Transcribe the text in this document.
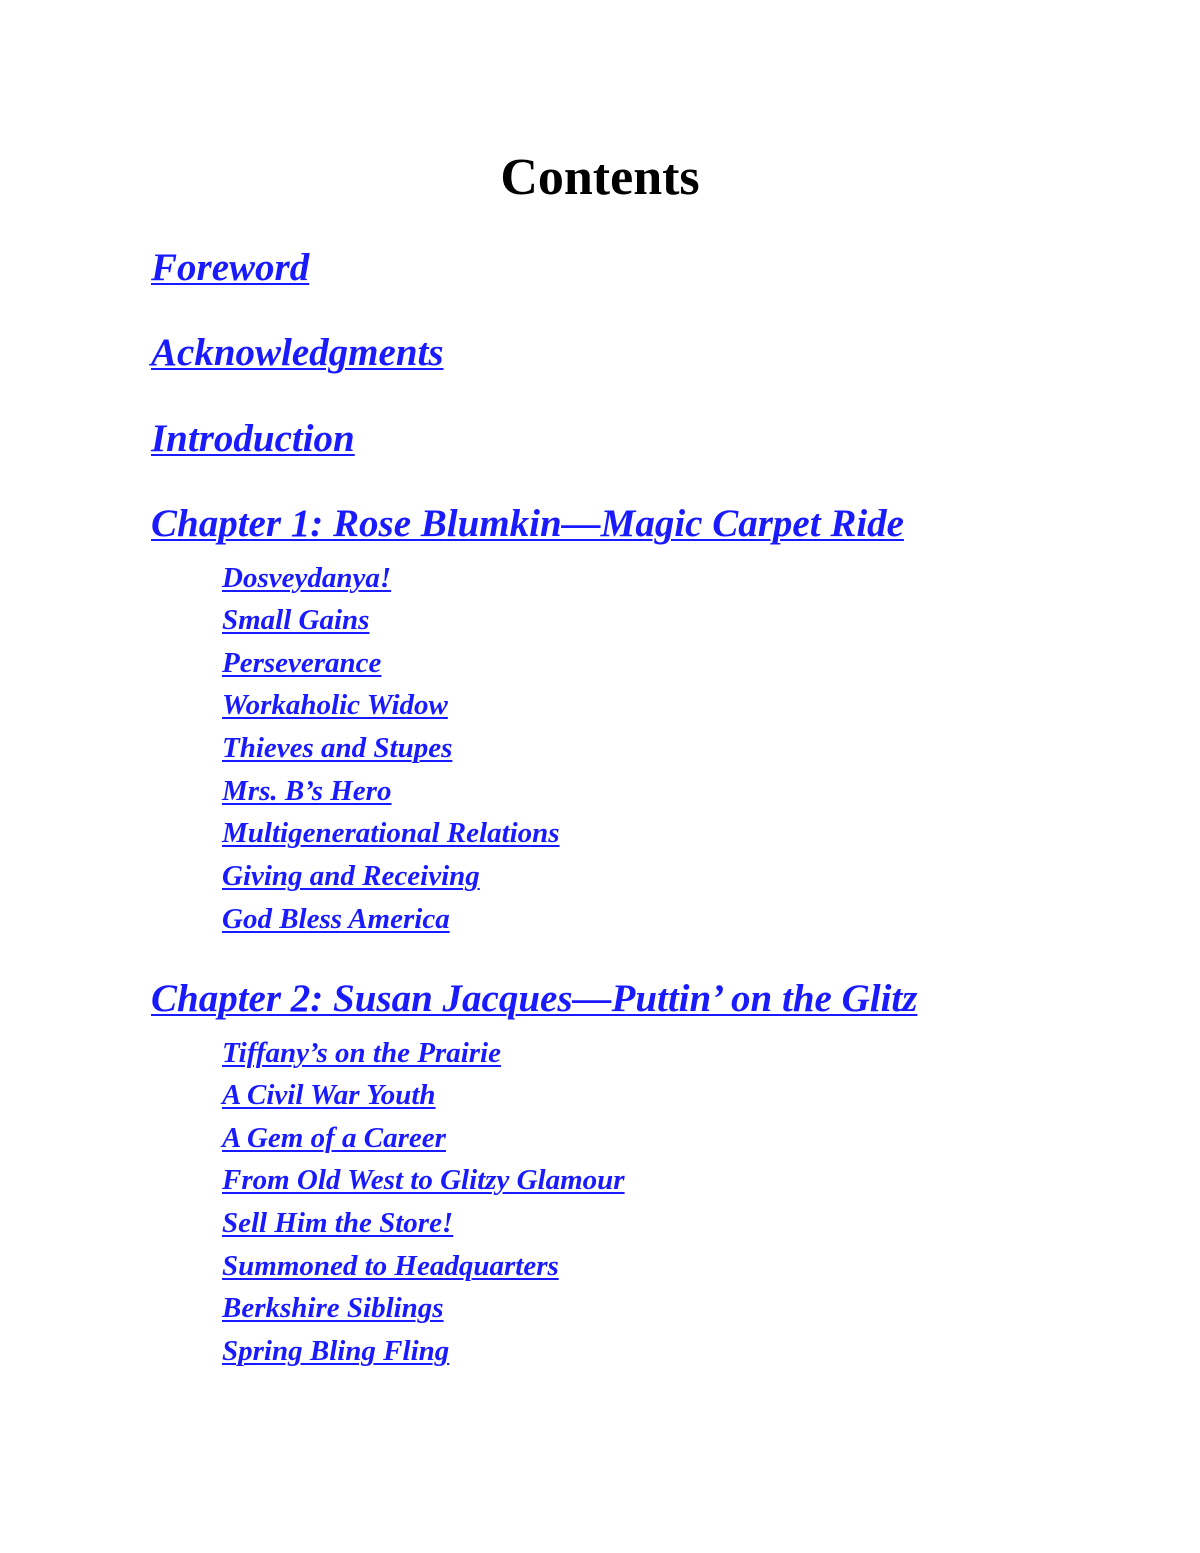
Contents
Foreword
Acknowledgments
Introduction
Chapter 1: Rose Blumkin—Magic Carpet Ride
Dosveydanya!
Small Gains
Perseverance
Workaholic Widow
Thieves and Stupes
Mrs. B’s Hero
Multigenerational Relations
Giving and Receiving
God Bless America
Chapter 2: Susan Jacques—Puttin’ on the Glitz
Tiffany’s on the Prairie
A Civil War Youth
A Gem of a Career
From Old West to Glitzy Glamour
Sell Him the Store!
Summoned to Headquarters
Berkshire Siblings
Spring Bling Fling
